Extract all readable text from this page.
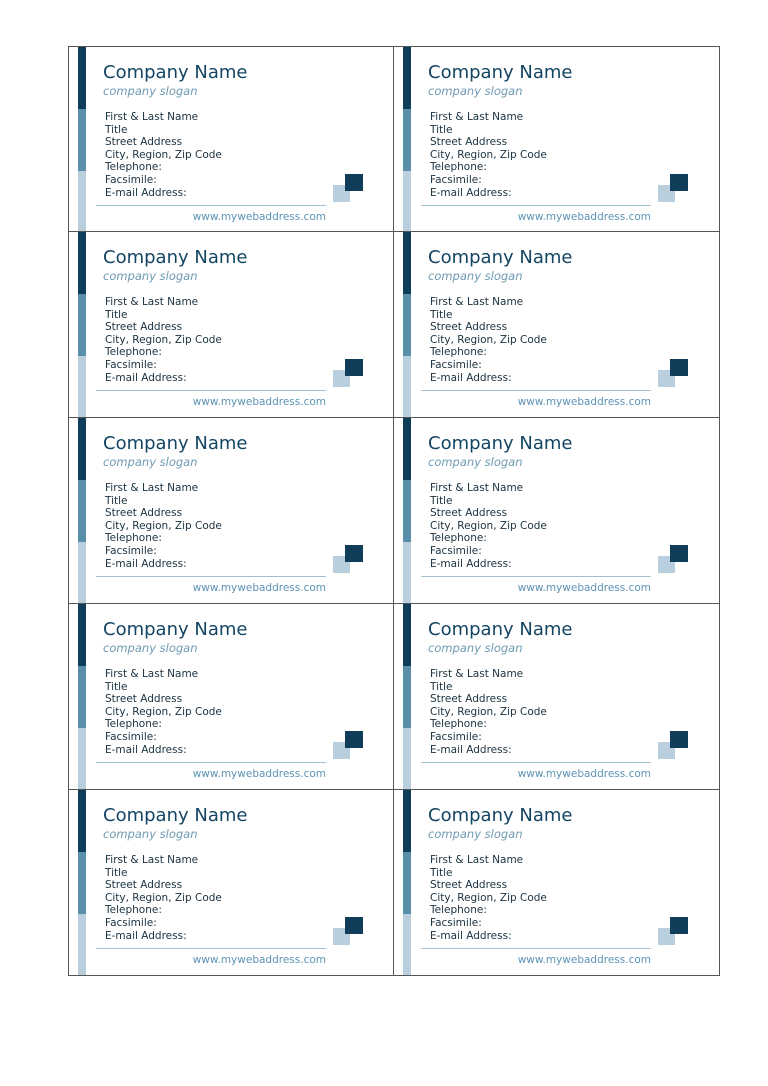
Company Name
company slogan
First & Last Name
Title
Street Address
City, Region, Zip Code
Telephone:
Facsimile:
E-mail Address:
www.mywebaddress.com
Company Name
company slogan
First & Last Name
Title
Street Address
City, Region, Zip Code
Telephone:
Facsimile:
E-mail Address:
www.mywebaddress.com
Company Name
company slogan
First & Last Name
Title
Street Address
City, Region, Zip Code
Telephone:
Facsimile:
E-mail Address:
www.mywebaddress.com
Company Name
company slogan
First & Last Name
Title
Street Address
City, Region, Zip Code
Telephone:
Facsimile:
E-mail Address:
www.mywebaddress.com
Company Name
company slogan
First & Last Name
Title
Street Address
City, Region, Zip Code
Telephone:
Facsimile:
E-mail Address:
www.mywebaddress.com
Company Name
company slogan
First & Last Name
Title
Street Address
City, Region, Zip Code
Telephone:
Facsimile:
E-mail Address:
www.mywebaddress.com
Company Name
company slogan
First & Last Name
Title
Street Address
City, Region, Zip Code
Telephone:
Facsimile:
E-mail Address:
www.mywebaddress.com
Company Name
company slogan
First & Last Name
Title
Street Address
City, Region, Zip Code
Telephone:
Facsimile:
E-mail Address:
www.mywebaddress.com
Company Name
company slogan
First & Last Name
Title
Street Address
City, Region, Zip Code
Telephone:
Facsimile:
E-mail Address:
www.mywebaddress.com
Company Name
company slogan
First & Last Name
Title
Street Address
City, Region, Zip Code
Telephone:
Facsimile:
E-mail Address:
www.mywebaddress.com
